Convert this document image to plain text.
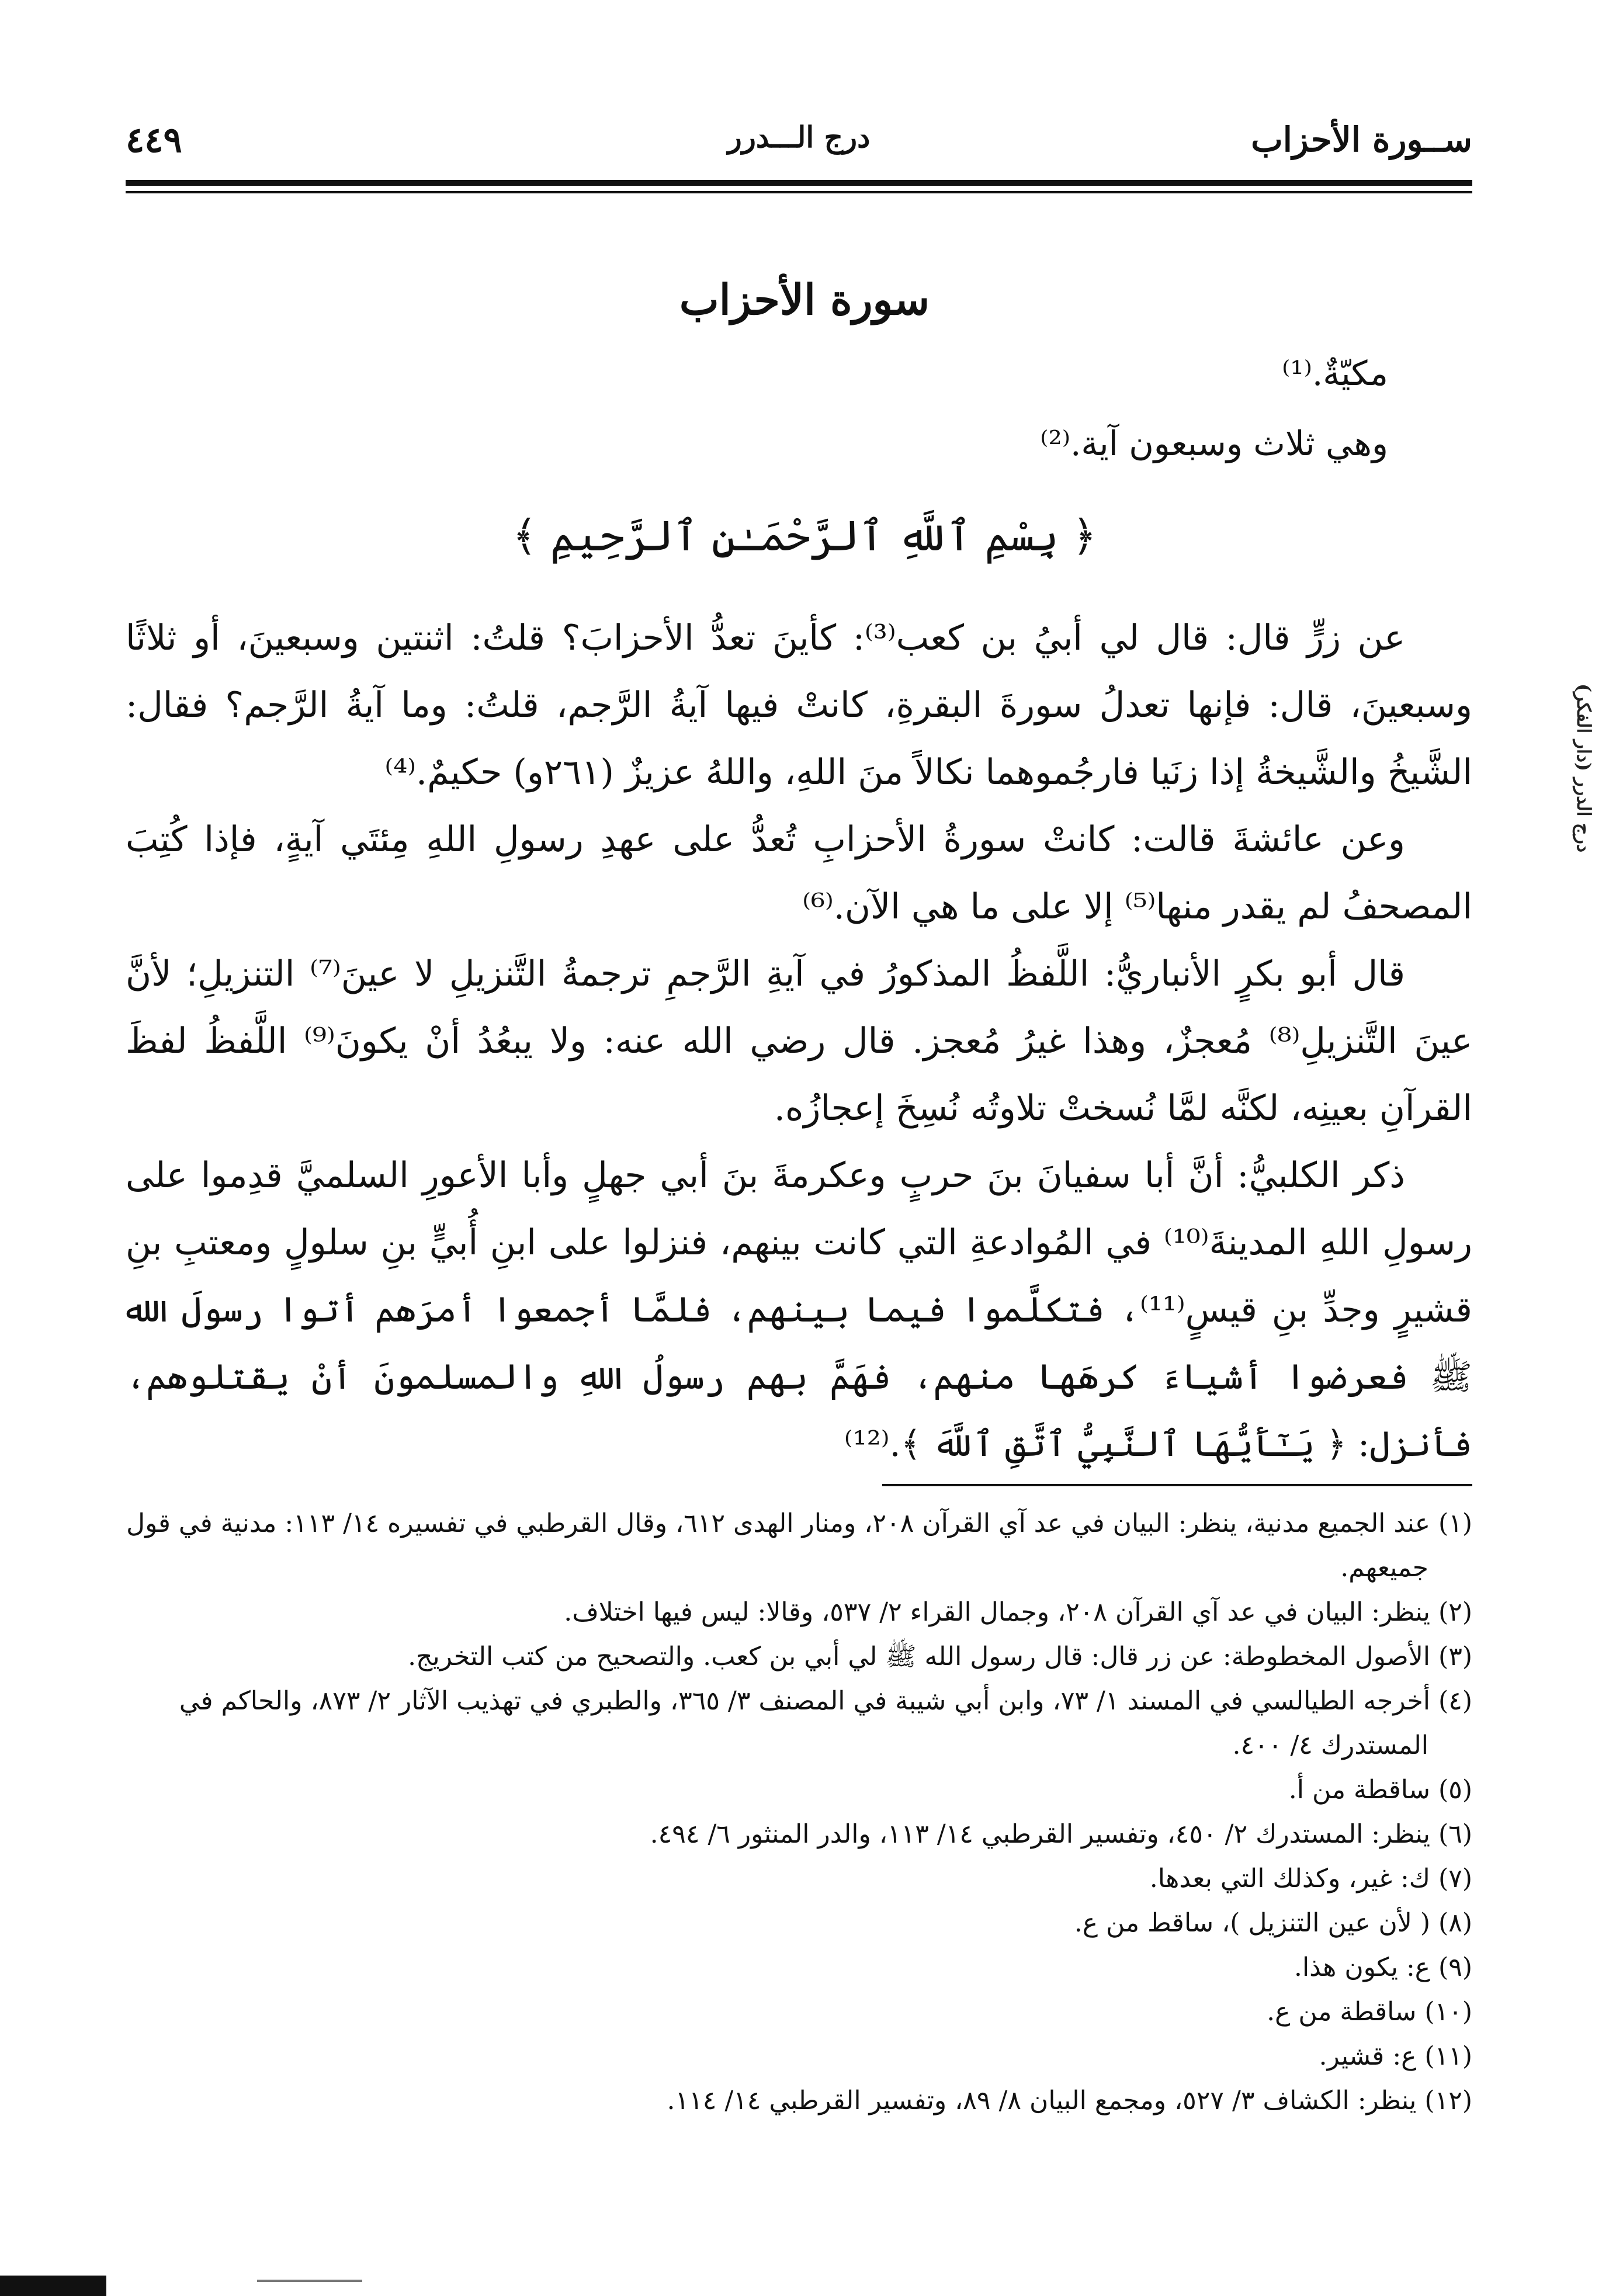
ســورة الأحزاب
درج الـــدرر
٤٤٩
درج الدرر (دار الفكر)
سورة الأحزاب
مكيّةٌ.⁽¹⁾
وهي ثلاث وسبعون آية.⁽²⁾
﴿ بِسْمِ ٱللَّهِ ٱلرَّحْمَـٰنِ ٱلرَّحِيمِ ﴾

عن زرٍّ قال: قال لي أبيُ بن كعب⁽³⁾: كأينَ تعدُّ الأحزابَ؟ قلتُ: اثنتين وسبعينَ، أو ثلاثًا وسبعينَ، قال: فإنها تعدلُ سورةَ البقرةِ، كانتْ فيها آيةُ الرَّجم، قلتُ: وما آيةُ الرَّجم؟ فقال: الشَّيخُ والشَّيخةُ إذا زنَيا فارجُموهما نكالاً منَ اللهِ، واللهُ عزيزٌ (٢٦١و) حكيمٌ.⁽⁴⁾

وعن عائشةَ قالت: كانتْ سورةُ الأحزابِ تُعدُّ على عهدِ رسولِ اللهِ مِئتَي آيةٍ، فإذا كُتِبَ المصحفُ لم يقدر منها⁽⁵⁾ إلا على ما هي الآن.⁽⁶⁾

قال أبو بكرٍ الأنباريُّ: اللَّفظُ المذكورُ في آيةِ الرَّجمِ ترجمةُ التَّنزيلِ لا عينَ⁽⁷⁾ التنزيلِ؛ لأنَّ عينَ التَّنزيلِ⁽⁸⁾ مُعجزٌ، وهذا غيرُ مُعجز. قال رضي الله عنه: ولا يبعُدُ أنْ يكونَ⁽⁹⁾ اللَّفظُ لفظَ القرآنِ بعينِه، لكنَّه لمَّا نُسختْ تلاوتُه نُسِخَ إعجازُه.

ذكر الكلبيُّ: أنَّ أبا سفيانَ بنَ حربٍ وعكرمةَ بنَ أبي جهلٍ وأبا الأعورِ السلميَّ قدِموا على رسولِ اللهِ المدينةَ⁽¹⁰⁾ في المُوادعةِ التي كانت بينهم، فنزلوا على ابنِ أُبيٍّ بنِ سلولٍ ومعتبِ بنِ قشيرٍ وجدِّ بنِ قيسٍ⁽¹¹⁾، فتكلَّموا فيما بينهم، فلمَّا أجمعوا أمرَهم أتوا رسولَ الله ﷺ فعرضوا أشياءَ كرهَها منهم، فهَمَّ بهم رسولُ اللهِ والمسلمونَ أنْ يقتلوهم، فأنزل: ﴿ يَـٰٓأَيُّهَا ٱلنَّبِيُّ ٱتَّقِ ٱللَّهَ ﴾.⁽¹²⁾

(١) عند الجميع مدنية، ينظر: البيان في عد آي القرآن ٢٠٨، ومنار الهدى ٦١٢، وقال القرطبي في تفسيره ١٤/ ١١٣: مدنية في قول جميعهم.

(٢) ينظر: البيان في عد آي القرآن ٢٠٨، وجمال القراء ٢/ ٥٣٧، وقالا: ليس فيها اختلاف.

(٣) الأصول المخطوطة: عن زر قال: قال رسول الله ﷺ لي أبي بن كعب. والتصحيح من كتب التخريج.

(٤) أخرجه الطيالسي في المسند ١/ ٧٣، وابن أبي شيبة في المصنف ٣/ ٣٦٥، والطبري في تهذيب الآثار ٢/ ٨٧٣، والحاكم في المستدرك ٤/ ٤٠٠.

(٥) ساقطة من أ.

(٦) ينظر: المستدرك ٢/ ٤٥٠، وتفسير القرطبي ١٤/ ١١٣، والدر المنثور ٦/ ٤٩٤.

(٧) ك: غير، وكذلك التي بعدها.

(٨) ( لأن عين التنزيل )، ساقط من ع.

(٩) ع: يكون هذا.

(١٠) ساقطة من ع.

(١١) ع: قشير.

(١٢) ينظر: الكشاف ٣/ ٥٢٧، ومجمع البيان ٨/ ٨٩، وتفسير القرطبي ١٤/ ١١٤.
